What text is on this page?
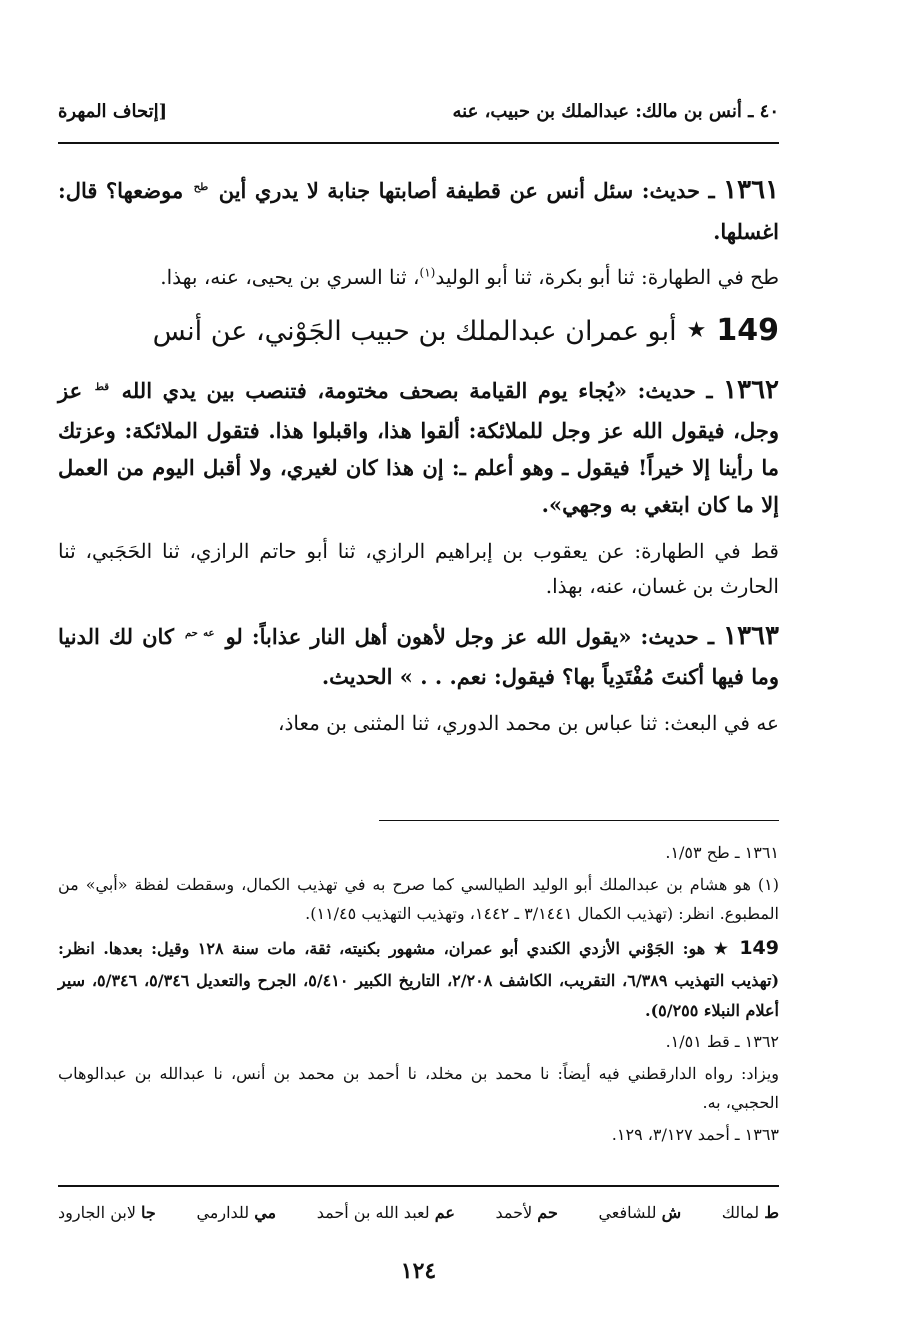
٤٠ ـ أنس بن مالك: عبدالملك بن حبيب، عنه
[إتحاف المهرة

١٣٦١ ـ حديث: سئل أنس عن قطيفة أصابتها جنابة لا يدري أين $^{طح}$ موضعها؟ قال: اغسلها.

طح في الطهارة: ثنا أبو بكرة، ثنا أبو الوليد$^{(١)}$، ثنا السري بن يحيى، عنه، بهذا.

149
★
أبو عمران عبدالملك بن حبيب الجَوْني، عن أنس

١٣٦٢ ـ حديث: «يُجاء يوم القيامة بصحف مختومة، فتنصب بين يدي الله $^{قط}$ عز وجل، فيقول الله عز وجل للملائكة: ألقوا هذا، واقبلوا هذا. فتقول الملائكة: وعزتك ما رأينا إلا خيراً! فيقول ـ وهو أعلم ـ: إن هذا كان لغيري، ولا أقبل اليوم من العمل إلا ما كان ابتغي به وجهي».

قط في الطهارة: عن يعقوب بن إبراهيم الرازي، ثنا أبو حاتم الرازي، ثنا الحَجَبي، ثنا الحارث بن غسان، عنه، بهذا.

١٣٦٣ ـ حديث: «يقول الله عز وجل لأهون أهل النار عذاباً: لو $^{عه حم}$ كان لك الدنيا وما فيها أكنتَ مُفْتَدِياً بها؟ فيقول: نعم. . . » الحديث.

عه في البعث: ثنا عباس بن محمد الدوري، ثنا المثنى بن معاذ،

١٣٦١ ـ طح ١/٥٣.

(١) هو هشام بن عبدالملك أبو الوليد الطيالسي كما صرح به في تهذيب الكمال، وسقطت لفظة «أبي» من المطبوع. انظر: (تهذيب الكمال ٣/١٤٤١ ـ ١٤٤٢، وتهذيب التهذيب ١١/٤٥).

149 ★ هو: الجَوْني الأزدي الكندي أبو عمران، مشهور بكنيته، ثقة، مات سنة ١٢٨ وقيل: بعدها. انظر: (تهذيب التهذيب ٦/٣٨٩، التقريب، الكاشف ٢/٢٠٨، التاريخ الكبير ٥/٤١٠، الجرح والتعديل ٥/٣٤٦، ٥/٣٤٦، سير أعلام النبلاء ٥/٢٥٥).

١٣٦٢ ـ قط ١/٥١.

ويزاد: رواه الدارقطني فيه أيضاً: نا محمد بن مخلد، نا أحمد بن محمد بن أنس، نا عبدالله بن عبدالوهاب الحجبي، به.

١٣٦٣ ـ أحمد ٣/١٢٧، ١٢٩.

ط لمالك
ش للشافعي
حم لأحمد
عم لعبد الله بن أحمد
مي للدارمي
جا لابن الجارود
١٢٤
